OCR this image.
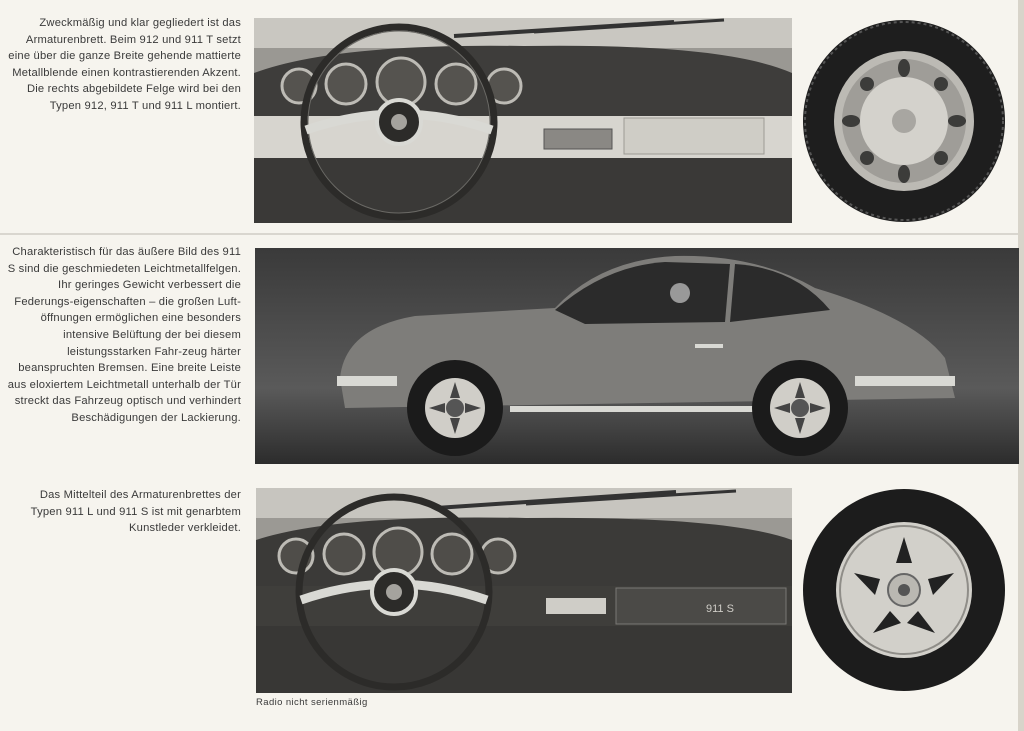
Zweckmäßig und klar gegliedert ist das Armaturenbrett. Beim 912 und 911 T setzt eine über die ganze Breite gehende mattierte Metallblende einen kontrastierenden Akzent. Die rechts abgebildete Felge wird bei den Typen 912, 911 T und 911 L montiert.
Charakteristisch für das äußere Bild des 911 S sind die geschmiedeten Leichtmetallfelgen. Ihr geringes Gewicht verbessert die Federungs-eigenschaften – die großen Luft-öffnungen ermöglichen eine besonders intensive Belüftung der bei diesem leistungsstarken Fahr-zeug härter beanspruchten Bremsen. Eine breite Leiste aus eloxiertem Leichtmetall unterhalb der Tür streckt das Fahrzeug optisch und verhindert Beschädigungen der Lackierung.
Das Mittelteil des Armaturenbrettes der Typen 911 L und 911 S ist mit genarbtem Kunstleder verkleidet.
911 S
Radio nicht serienmäßig
